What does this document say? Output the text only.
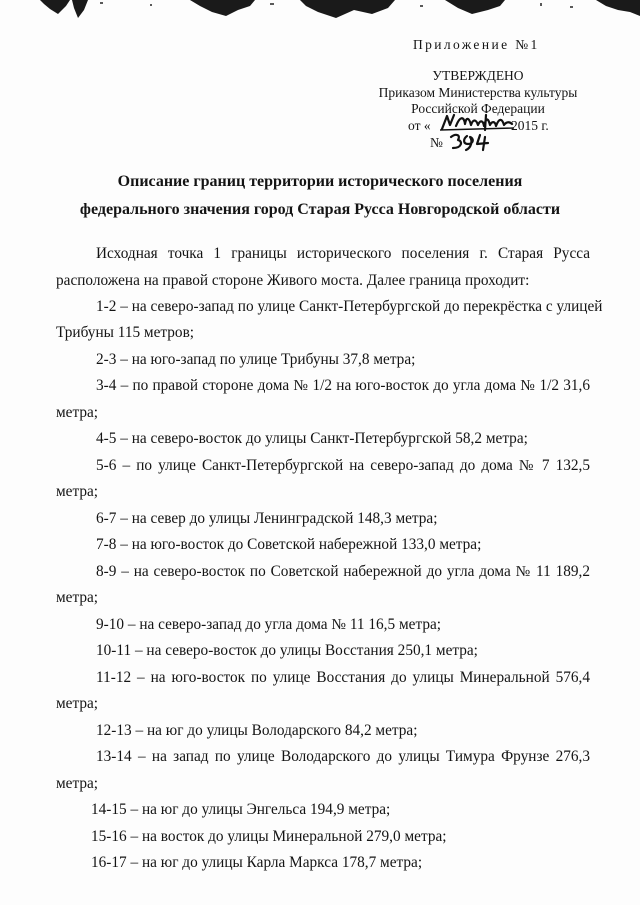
Приложение №1
УТВЕРЖДЕНО
Приказом Министерства культуры
Российской Федерации
от «	2015 г.
№
Описание границ территории исторического поселения
федерального значения город Старая Русса Новгородской области
Исходная точка 1 границы исторического поселения г. Старая Русса
расположена на правой стороне Живого моста. Далее граница проходит:
1-2 – на северо-запад по улице Санкт-Петербургской до перекрёстка с улицей
Трибуны 115 метров;
2-3 – на юго-запад по улице Трибуны 37,8 метра;
3-4 – по правой стороне дома № 1/2 на юго-восток до угла дома № 1/2 31,6
метра;
4-5 – на северо-восток до улицы Санкт-Петербургской 58,2 метра;
5-6 – по улице Санкт-Петербургской на северо-запад до дома № 7 132,5
метра;
6-7 – на север до улицы Ленинградской 148,3 метра;
7-8 – на юго-восток до Советской набережной 133,0 метра;
8-9 – на северо-восток по Советской набережной до угла дома № 11 189,2
метра;
9-10 – на северо-запад до угла дома № 11 16,5 метра;
10-11 – на северо-восток до улицы Восстания 250,1 метра;
11-12 – на юго-восток по улице Восстания до улицы Минеральной 576,4
метра;
12-13 – на юг до улицы Володарского 84,2 метра;
13-14 – на запад по улице Володарского до улицы Тимура Фрунзе 276,3
метра;
14-15 – на юг до улицы Энгельса 194,9 метра;
15-16 – на восток до улицы Минеральной 279,0 метра;
16-17 – на юг до улицы Карла Маркса 178,7 метра;
